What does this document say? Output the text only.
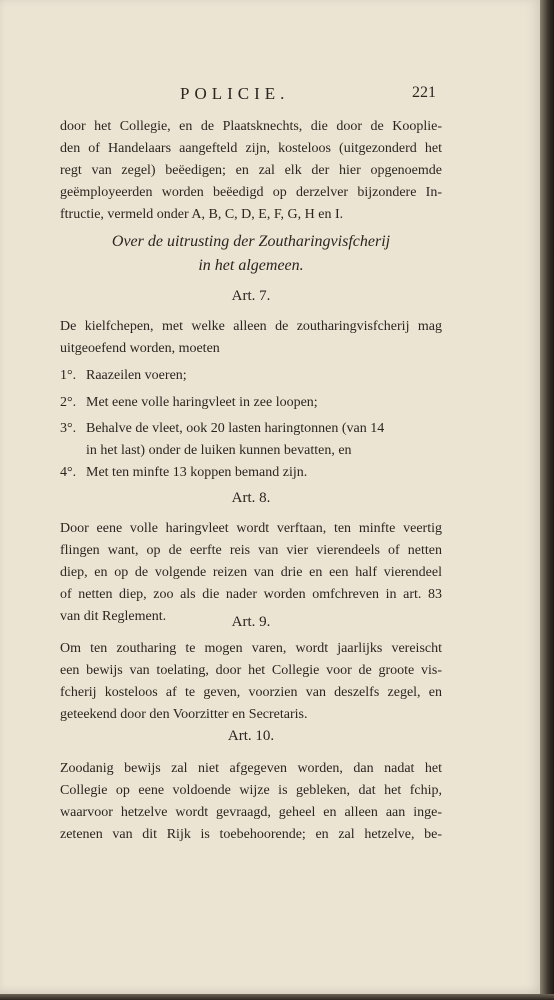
POLICIE.	221
door het Collegie, en de Plaatsknechts, die door de Kooplie-
den of Handelaars aangefteld zijn, kosteloos (uitgezonderd het
regt van zegel) beëedigen; en zal elk der hier opgenoemde
geëmployeerden worden beëedigd op derzelver bijzondere In-
ftructie, vermeld onder A, B, C, D, E, F, G, H en I.
Over de uitrusting der Zoutharingvisfcherij
in het algemeen.
Art. 7.
De kielfchepen, met welke alleen de zoutharingvisfcherij mag
uitgeoefend worden, moeten
1°. Raazeilen voeren;
2°. Met eene volle haringvleet in zee loopen;
3°. Behalve de vleet, ook 20 lasten haringtonnen (van 14
in het last) onder de luiken kunnen bevatten, en
4°. Met ten minfte 13 koppen bemand zijn.
Art. 8.
Door eene volle haringvleet wordt verftaan, ten minfte veertig
flingen want, op de eerfte reis van vier vierendeels of netten
diep, en op de volgende reizen van drie en een half vierendeel
of netten diep, zoo als die nader worden omfchreven in art. 83
van dit Reglement.	Art. 9.
Om ten zoutharing te mogen varen, wordt jaarlijks vereischt
een bewijs van toelating, door het Collegie voor de groote vis-
fcherij kosteloos af te geven, voorzien van deszelfs zegel, en
geteekend door den Voorzitter en Secretaris.
Art. 10.
Zoodanig bewijs zal niet afgegeven worden, dan nadat het
Collegie op eene voldoende wijze is gebleken, dat het fchip,
waarvoor hetzelve wordt gevraagd, geheel en alleen aan inge-
zetenen van dit Rijk is toebehoorende; en zal hetzelve, be-
